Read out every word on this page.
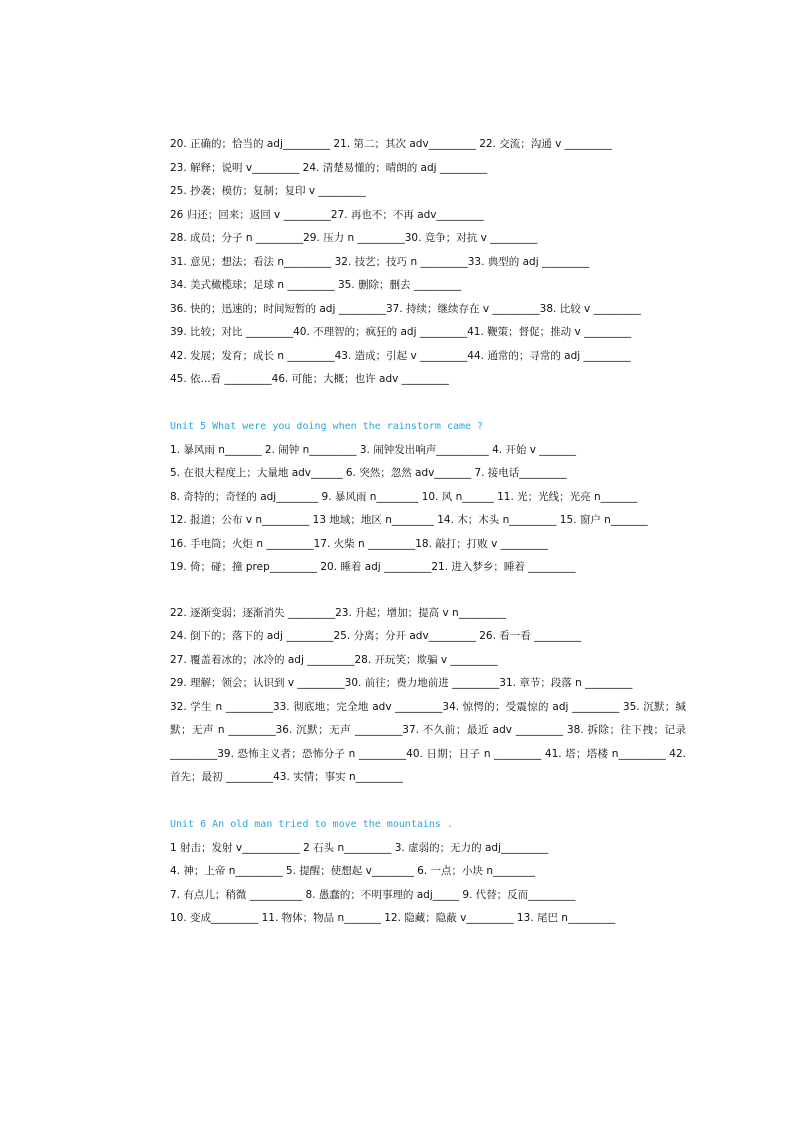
20. 正确的；恰当的 adj_________ 21. 第二；其次 adv_________ 22. 交流；沟通 v _________
23. 解释；说明 v_________ 24. 清楚易懂的；晴朗的 adj _________
25. 抄袭；模仿；复制；复印 v _________
26 归还；回来；返回 v _________27. 再也不；不再 adv_________
28. 成员；分子 n _________29. 压力 n _________30. 竞争；对抗 v _________
31. 意见；想法；看法 n_________ 32. 技艺；技巧 n _________33. 典型的 adj _________
34. 美式橄榄球；足球 n _________ 35. 删除；删去 _________
36. 快的；迅速的；时间短暂的 adj _________37. 持续；继续存在 v _________38. 比较 v _________
39. 比较；对比 _________40. 不理智的；疯狂的 adj _________41. 鞭策；督促；推动 v _________
42. 发展；发育；成长 n _________43. 造成；引起 v _________44. 通常的；寻常的 adj _________
45. 依...看 _________46. 可能；大概；也许 adv _________
Unit 5 What were you doing when the rainstorm came ?
1. 暴风雨 n_______ 2. 闹钟 n_________ 3. 闹钟发出响声__________ 4. 开始 v _______
5. 在很大程度上；大量地 adv______ 6. 突然；忽然 adv_______ 7. 接电话_________
8. 奇特的；奇怪的 adj________ 9. 暴风雨 n________ 10. 风 n______ 11. 光；光线；光亮 n_______
12. 报道；公布 v n_________ 13 地域；地区 n________ 14. 木；木头 n_________ 15. 窗户 n_______
16. 手电筒；火炬 n _________17. 火柴 n _________18. 敲打；打败 v _________
19. 倚；碰；撞 prep_________ 20. 睡着 adj _________21. 进入梦乡；睡着 _________
22. 逐渐变弱；逐渐消失 _________23. 升起；增加；提高 v n_________
24. 倒下的；落下的 adj _________25. 分离；分开 adv_________ 26. 看一看 _________
27. 覆盖着冰的；冰冷的 adj _________28. 开玩笑；欺骗 v _________
29. 理解；领会；认识到 v _________30. 前往；费力地前进 _________31. 章节；段落 n _________
32. 学生 n _________33. 彻底地；完全地 adv _________34. 惊愕的；受震惊的 adj _________ 35. 沉默；缄默；无声 n _________36. 沉默；无声 _________37. 不久前；最近 adv _________ 38. 拆除；往下拽；记录 _________39. 恐怖主义者；恐怖分子 n _________40. 日期；日子 n _________ 41. 塔；塔楼 n_________ 42. 首先；最初 _________43. 实情；事实 n_________
Unit 6 An old man tried to move the mountains .
1 射击；发射 v___________ 2 石头 n_________ 3. 虚弱的；无力的 adj_________
4. 神；上帝 n_________ 5. 提醒；使想起 v________ 6. 一点；小块 n________
7. 有点儿；稍微 __________ 8. 愚蠢的；不明事理的 adj_____ 9. 代替；反而_________
10. 变成_________ 11. 物体；物品 n_______ 12. 隐藏；隐蔽 v_________ 13. 尾巴 n_________
